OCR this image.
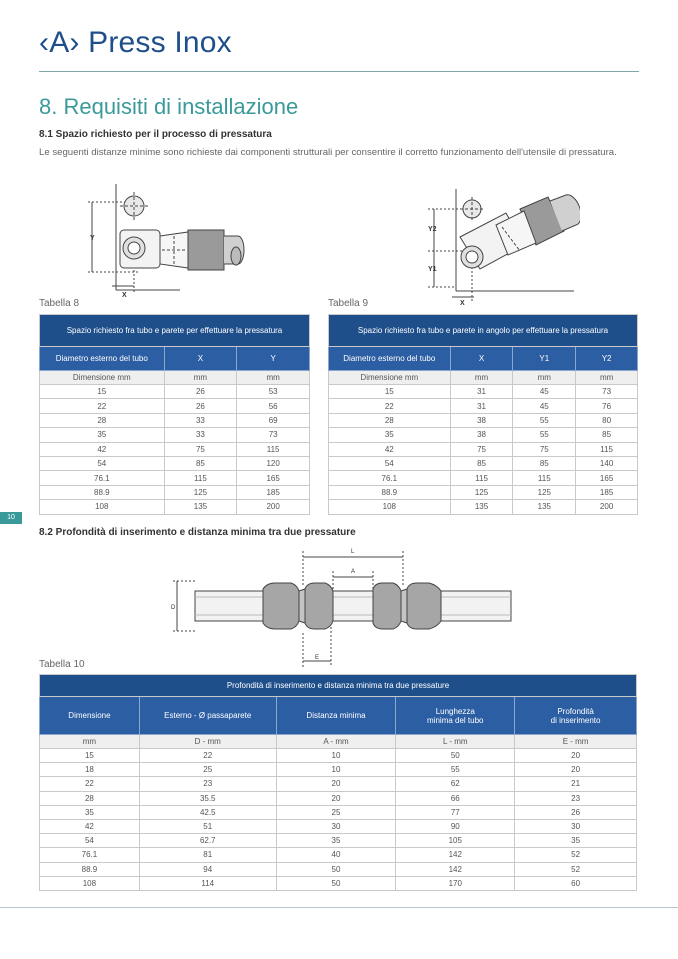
‹A› Press Inox
8. Requisiti di installazione
8.1 Spazio richiesto per il processo di pressatura
Le seguenti distanze minime sono richieste dai componenti strutturali per consentire il corretto funzionamento dell'utensile di pressatura.
Y
X
Y2
Y1
X
Tabella 8	Tabella 9
Spazio richiesto fra tubo e parete per effettuare la pressatura		
Diametro esterno del tubo	X	Y
Dimensione mm	mm	mm
15	26	53
22	26	56
28	33	69
35	33	73
42	75	115
54	85	120
76.1	115	165
88.9	125	185
108	135	200
Spazio richiesto fra tubo e parete in angolo per effettuare la pressatura			
Diametro esterno del tubo	X	Y1	Y2
Dimensione mm	mm	mm	mm
15	31	45	73
22	31	45	76
28	38	55	80
35	38	55	85
42	75	75	115
54	85	85	140
76.1	115	115	165
88.9	125	125	185
108	135	135	200
10
8.2 Profondità di inserimento e distanza minima tra due pressature
L
A
D
E
Tabella 10
Profondità di inserimento e distanza minima tra due pressature				
Dimensione	Esterno - Ø passaparete	Distanza minima	Lunghezza
minima del tubo	Profondità
di inserimento
mm	D - mm	A - mm	L - mm	E - mm
15	22	10	50	20
18	25	10	55	20
22	23	20	62	21
28	35.5	20	66	23
35	42.5	25	77	26
42	51	30	90	30
54	62.7	35	105	35
76.1	81	40	142	52
88.9	94	50	142	52
108	114	50	170	60
